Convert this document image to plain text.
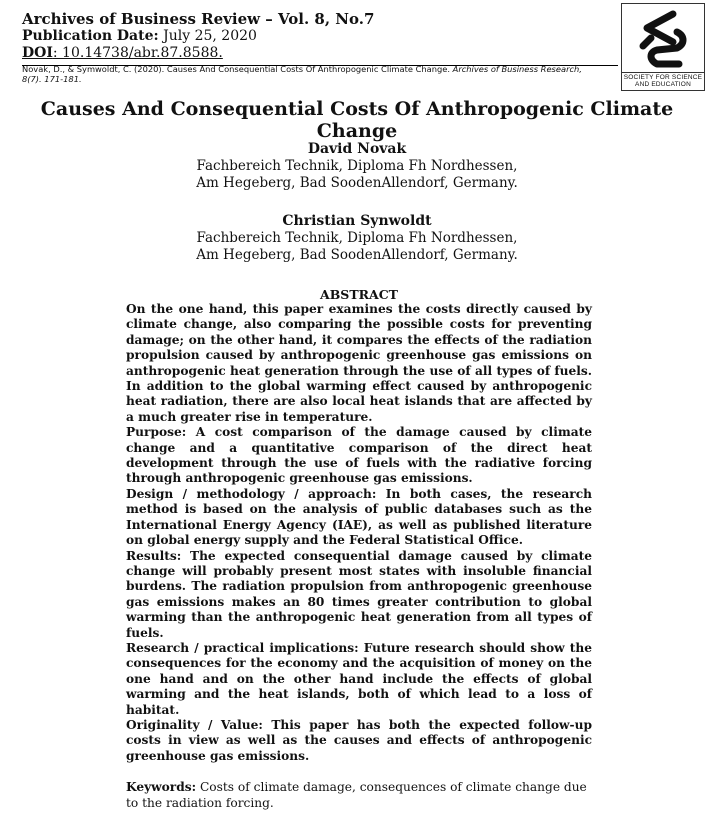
Archives of Business Review – Vol. 8, No.7
Publication Date: July 25, 2020
DOI: 10.14738/abr.87.8588.
Novak, D., & Symwoldt, C. (2020). Causes And Consequential Costs Of Anthropogenic Climate Change. Archives of Business Research,
8(7). 171-181.	SOCIETY FOR SCIENCE
AND EDUCATION
Causes And Consequential Costs Of Anthropogenic Climate Change
David Novak
Fachbereich Technik, Diploma Fh Nordhessen,
Am Hegeberg, Bad SoodenAllendorf, Germany.
Christian Synwoldt
Fachbereich Technik, Diploma Fh Nordhessen,
Am Hegeberg, Bad SoodenAllendorf, Germany.
ABSTRACT

On the one hand, this paper examines the costs directly caused by climate change, also comparing the possible costs for preventing damage; on the other hand, it compares the effects of the radiation propulsion caused by anthropogenic greenhouse gas emissions on anthropogenic heat generation through the use of all types of fuels. In addition to the global warming effect caused by anthropogenic heat radiation, there are also local heat islands that are affected by a much greater rise in temperature.

Purpose: A cost comparison of the damage caused by climate change and a quantitative comparison of the direct heat development through the use of fuels with the radiative forcing through anthropogenic greenhouse gas emissions.

Design / methodology / approach: In both cases, the research method is based on the analysis of public databases such as the International Energy Agency (IAE), as well as published literature on global energy supply and the Federal Statistical Office.

Results: The expected consequential damage caused by climate change will probably present most states with insoluble financial burdens. The radiation propulsion from anthropogenic greenhouse gas emissions makes an 80 times greater contribution to global warming than the anthropogenic heat generation from all types of fuels.

Research / practical implications: Future research should show the consequences for the economy and the acquisition of money on the one hand and on the other hand include the effects of global warming and the heat islands, both of which lead to a loss of habitat.

Originality / Value: This paper has both the expected follow-up costs in view as well as the causes and effects of anthropogenic greenhouse gas emissions.

Keywords: Costs of climate damage, consequences of climate change due to the radiation forcing.
